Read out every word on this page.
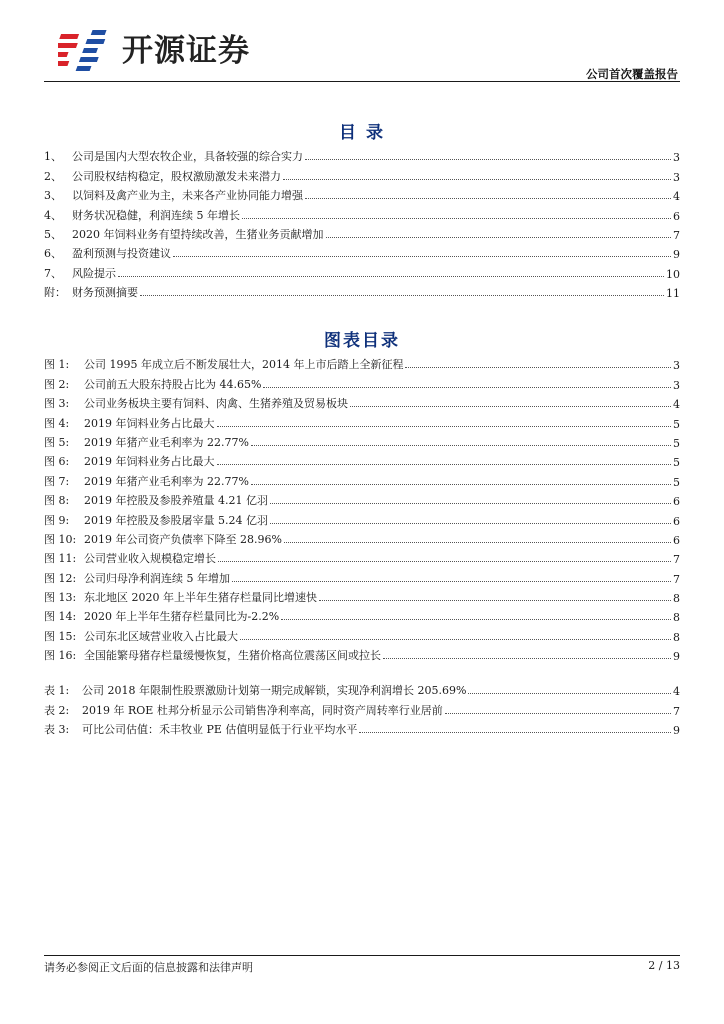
开源证券
公司首次覆盖报告
目 录
1、 公司是国内大型农牧企业，具备较强的综合实力	3
2、 公司股权结构稳定，股权激励激发未来潜力	3
3、 以饲料及禽产业为主，未来各产业协同能力增强	4
4、 财务状况稳健，利润连续 5 年增长	6
5、 2020 年饲料业务有望持续改善，生猪业务贡献增加	7
6、 盈利预测与投资建议	9
7、 风险提示	10
附： 财务预测摘要	11
图表目录
图 1:	公司 1995 年成立后不断发展壮大，2014 年上市后踏上全新征程	3
图 2:	公司前五大股东持股占比为 44.65%	3
图 3:	公司业务板块主要有饲料、肉禽、生猪养殖及贸易板块	4
图 4:	2019 年饲料业务占比最大	5
图 5:	2019 年猪产业毛利率为 22.77%	5
图 6:	2019 年饲料业务占比最大	5
图 7:	2019 年猪产业毛利率为 22.77%	5
图 8:	2019 年控股及参股养殖量 4.21 亿羽	6
图 9:	2019 年控股及参股屠宰量 5.24 亿羽	6
图 10: 2019 年公司资产负债率下降至 28.96%	6
图 11: 公司营业收入规模稳定增长	7
图 12: 公司归母净利润连续 5 年增加	7
图 13: 东北地区 2020 年上半年生猪存栏量同比增速快	8
图 14: 2020 年上半年生猪存栏量同比为-2.2%	8
图 15: 公司东北区域营业收入占比最大	8
图 16: 全国能繁母猪存栏量缓慢恢复，生猪价格高位震荡区间或拉长	9
表 1:	公司 2018 年限制性股票激励计划第一期完成解锁，实现净利润增长 205.69%	4
表 2:	2019 年 ROE 杜邦分析显示公司销售净利率高，同时资产周转率行业居前	7
表 3:	可比公司估值：禾丰牧业 PE 估值明显低于行业平均水平	9
请务必参阅正文后面的信息披露和法律声明	2 / 13
